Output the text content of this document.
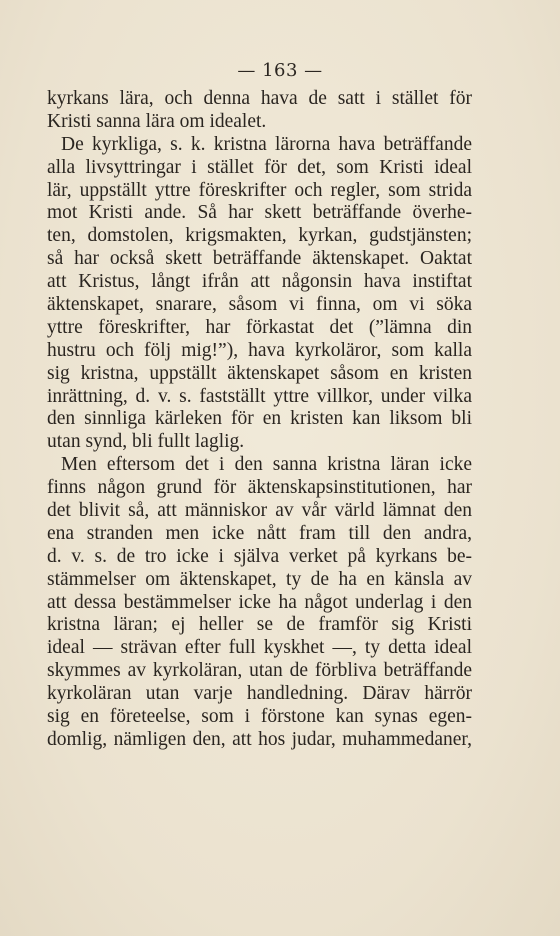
— 163 —
kyrkans lära, och denna hava de satt i stället för
Kristi sanna lära om idealet.
De kyrkliga, s. k. kristna lärorna hava beträffande
alla livsyttringar i stället för det, som Kristi ideal
lär, uppställt yttre föreskrifter och regler, som strida
mot Kristi ande. Så har skett beträffande överhe-
ten, domstolen, krigsmakten, kyrkan, gudstjänsten;
så har också skett beträffande äktenskapet. Oaktat
att Kristus, långt ifrån att någonsin hava instiftat
äktenskapet, snarare, såsom vi finna, om vi söka
yttre föreskrifter, har förkastat det (”lämna din
hustru och följ mig!”), hava kyrkoläror, som kalla
sig kristna, uppställt äktenskapet såsom en kristen
inrättning, d. v. s. fastställt yttre villkor, under vilka
den sinnliga kärleken för en kristen kan liksom bli
utan synd, bli fullt laglig.
Men eftersom det i den sanna kristna läran icke
finns någon grund för äktenskapsinstitutionen, har
det blivit så, att människor av vår värld lämnat den
ena stranden men icke nått fram till den andra,
d. v. s. de tro icke i själva verket på kyrkans be-
stämmelser om äktenskapet, ty de ha en känsla av
att dessa bestämmelser icke ha något underlag i den
kristna läran; ej heller se de framför sig Kristi
ideal — strävan efter full kyskhet —, ty detta ideal
skymmes av kyrkoläran, utan de förbliva beträffande
kyrkoläran utan varje handledning. Därav härrör
sig en företeelse, som i förstone kan synas egen-
domlig, nämligen den, att hos judar, muhammedaner,
